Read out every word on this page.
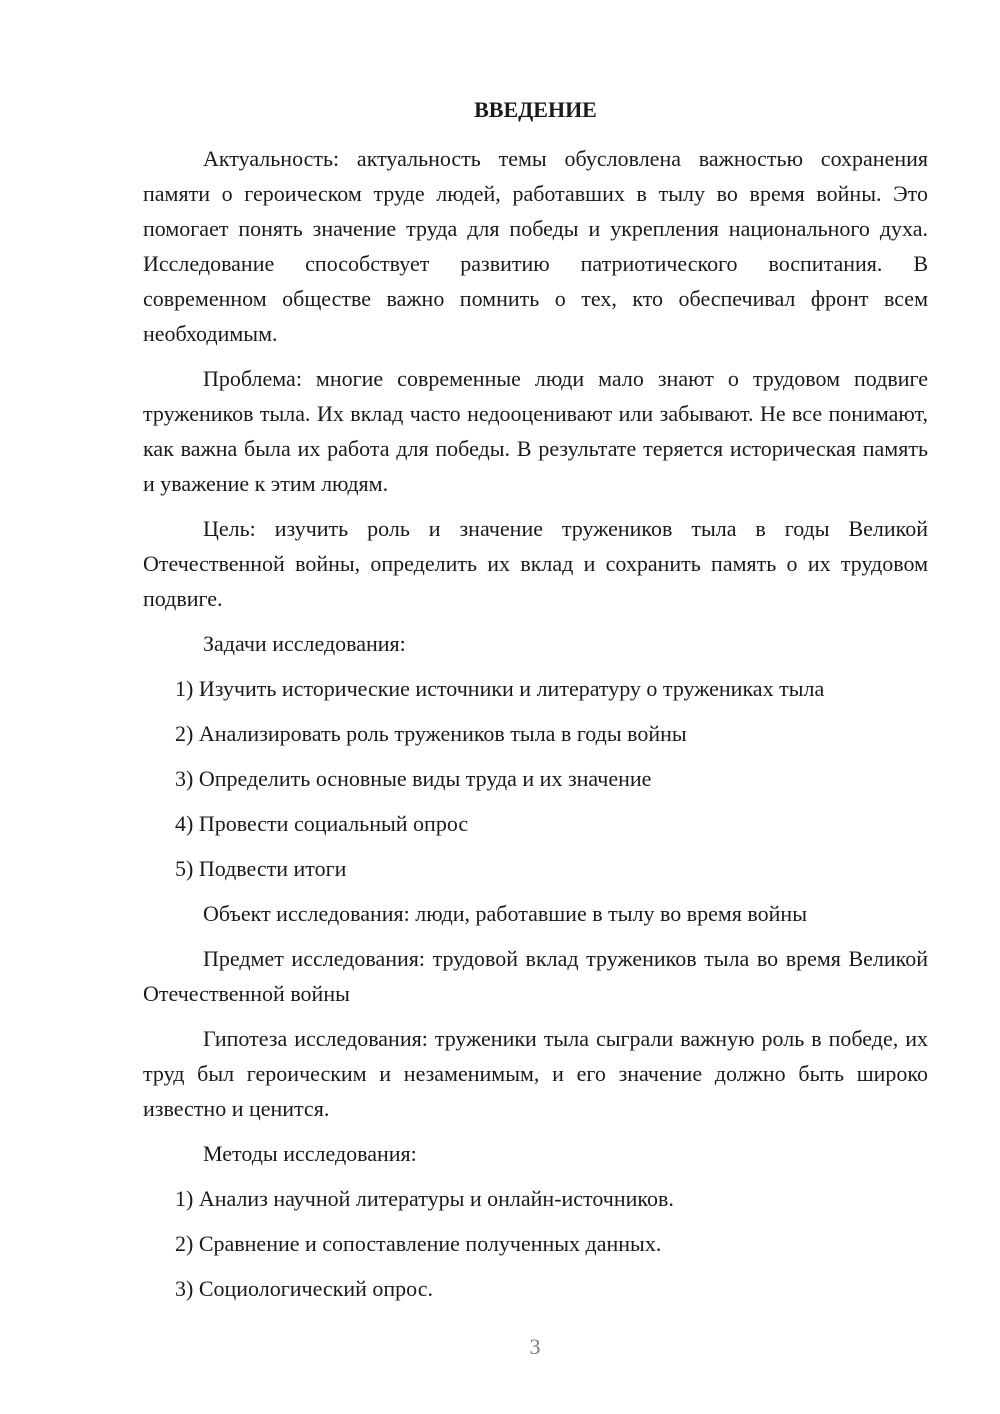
ВВЕДЕНИЕ

Актуальность: актуальность темы обусловлена важностью сохранения памяти о героическом труде людей, работавших в тылу во время войны. Это помогает понять значение труда для победы и укрепления национального духа. Исследование способствует развитию патриотического воспитания. В современном обществе важно помнить о тех, кто обеспечивал фронт всем необходимым.

Проблема: многие современные люди мало знают о трудовом подвиге тружеников тыла. Их вклад часто недооценивают или забывают. Не все понимают, как важна была их работа для победы. В результате теряется историческая память и уважение к этим людям.

Цель: изучить роль и значение тружеников тыла в годы Великой Отечественной войны, определить их вклад и сохранить память о их трудовом подвиге.

Задачи исследования:

1) Изучить исторические источники и литературу о тружениках тыла
2) Анализировать роль тружеников тыла в годы войны
3) Определить основные виды труда и их значение
4) Провести социальный опрос
5) Подвести итоги

Объект исследования: люди, работавшие в тылу во время войны

Предмет исследования: трудовой вклад тружеников тыла во время Великой Отечественной войны

Гипотеза исследования: труженики тыла сыграли важную роль в победе, их труд был героическим и незаменимым, и его значение должно быть широко известно и ценится.

Методы исследования:

1) Анализ научной литературы и онлайн-источников.
2) Сравнение и сопоставление полученных данных.
3) Социологический опрос.
3
